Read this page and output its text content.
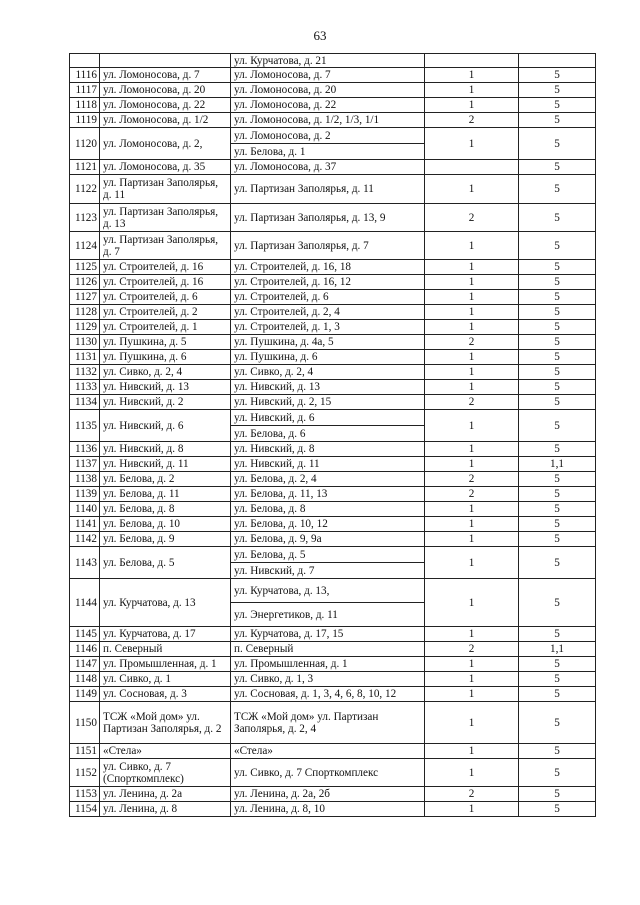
63
		ул. Курчатова, д. 21		
1116	ул. Ломоносова, д. 7	ул. Ломоносова, д. 7	1	5
1117	ул. Ломоносова, д. 20	ул. Ломоносова, д. 20	1	5
1118	ул. Ломоносова, д. 22	ул. Ломоносова, д. 22	1	5
1119	ул. Ломоносова, д. 1/2	ул. Ломоносова, д. 1/2, 1/3, 1/1	2	5
1120	ул. Ломоносова, д. 2,	ул. Ломоносова, д. 2	1	5
		ул. Белова, д. 1		
1121	ул. Ломоносова, д. 35	ул. Ломоносова, д. 37		5
1122	ул. Партизан Заполярья, д. 11	ул. Партизан Заполярья, д. 11	1	5
1123	ул. Партизан Заполярья, д. 13	ул. Партизан Заполярья, д. 13, 9	2	5
1124	ул. Партизан Заполярья, д. 7	ул. Партизан Заполярья, д. 7	1	5
1125	ул. Строителей, д. 16	ул. Строителей, д. 16, 18	1	5
1126	ул. Строителей, д. 16	ул. Строителей, д. 16, 12	1	5
1127	ул. Строителей, д. 6	ул. Строителей, д. 6	1	5
1128	ул. Строителей, д. 2	ул. Строителей, д. 2, 4	1	5
1129	ул. Строителей, д. 1	ул. Строителей, д. 1, 3	1	5
1130	ул. Пушкина, д. 5	ул. Пушкина, д. 4а, 5	2	5
1131	ул. Пушкина, д. 6	ул. Пушкина, д. 6	1	5
1132	ул. Сивко, д. 2, 4	ул. Сивко, д. 2, 4	1	5
1133	ул. Нивский, д. 13	ул. Нивский, д. 13	1	5
1134	ул. Нивский, д. 2	ул. Нивский, д. 2, 15	2	5
1135	ул. Нивский, д. 6	ул. Нивский, д. 6	1	5
		ул. Белова, д. 6		
1136	ул. Нивский, д. 8	ул. Нивский, д. 8	1	5
1137	ул. Нивский, д. 11	ул. Нивский, д. 11	1	1,1
1138	ул. Белова, д. 2	ул. Белова, д. 2, 4	2	5
1139	ул. Белова, д. 11	ул. Белова, д. 11, 13	2	5
1140	ул. Белова, д. 8	ул. Белова, д. 8	1	5
1141	ул. Белова, д. 10	ул. Белова, д. 10, 12	1	5
1142	ул. Белова, д. 9	ул. Белова, д. 9, 9а	1	5
1143	ул. Белова, д. 5	ул. Белова, д. 5	1	5
		ул. Нивский, д. 7		
1144	ул. Курчатова, д. 13	ул. Курчатова, д. 13,	1	5
		ул. Энергетиков, д. 11		
1145	ул. Курчатова, д. 17	ул. Курчатова, д. 17, 15	1	5
1146	п. Северный	п. Северный	2	1,1
1147	ул. Промышленная, д. 1	ул. Промышленная, д. 1	1	5
1148	ул. Сивко, д. 1	ул. Сивко, д. 1, 3	1	5
1149	ул. Сосновая, д. 3	ул. Сосновая, д. 1, 3, 4, 6, 8, 10, 12	1	5
1150	ТСЖ «Мой дом» ул. Партизан Заполярья, д. 2	ТСЖ «Мой дом» ул. Партизан Заполярья, д. 2, 4	1	5
1151	«Стела»	«Стела»	1	5
1152	ул. Сивко, д. 7 (Спорткомплекс)	ул. Сивко, д. 7 Спорткомплекс	1	5
1153	ул. Ленина, д. 2а	ул. Ленина, д. 2а, 2б	2	5
1154	ул. Ленина, д. 8	ул. Ленина, д. 8, 10	1	5
